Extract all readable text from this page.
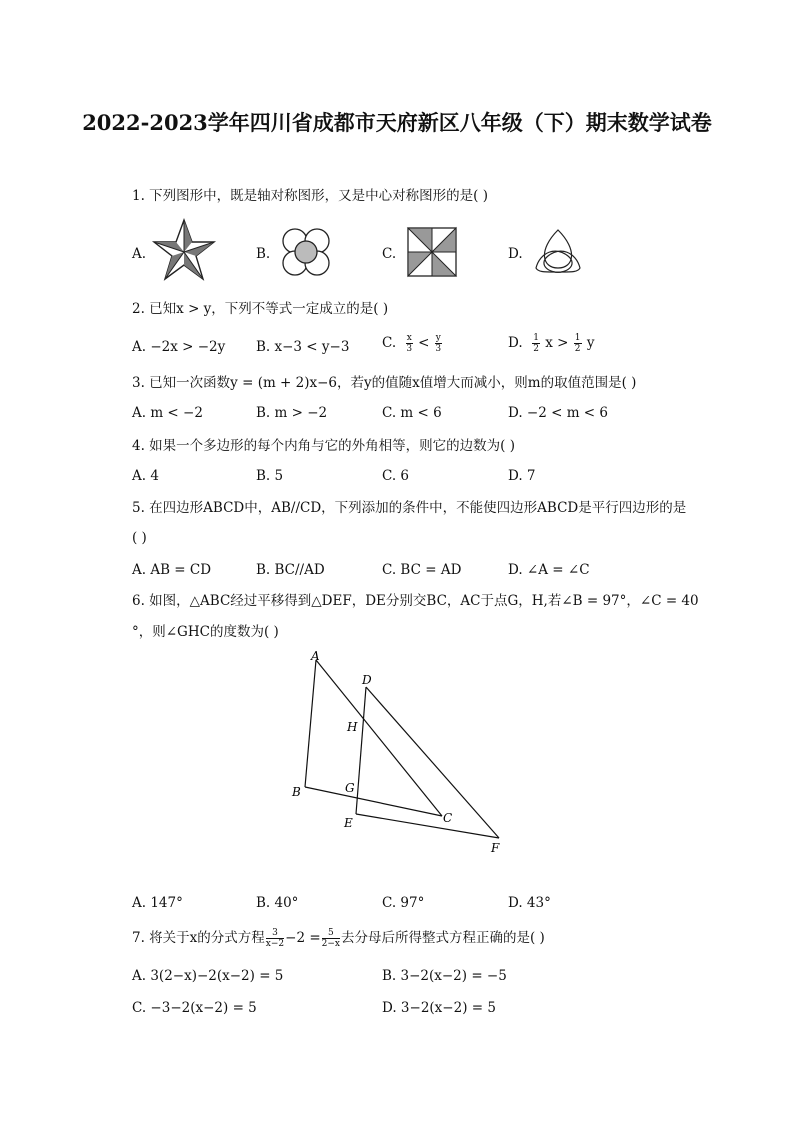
2022-2023学年四川省成都市天府新区八年级（下）期末数学试卷
1. 下列图形中，既是轴对称图形，又是中心对称图形的是( )
A.	B.	C.	D.
2. 已知x > y，下列不等式一定成立的是( )
A. −2x > −2y B. x−3 < y−3 C. $\frac{x}{3} < \frac{y}{3}$	D. $\frac{1}{2}$ $x > \frac{1}{2}$ y
3. 已知一次函数y = (m + 2)x−6，若y的值随x值增大而减小，则m的取值范围是( )
A. m < −2	B. m > −2	C. m < 6	D. −2 < m < 6
4. 如果一个多边形的每个内角与它的外角相等，则它的边数为( )
A. 4	B. 5	C. 6	D. 7
5. 在四边形ABCD中，AB//CD，下列添加的条件中，不能使四边形ABCD是平行四边形的是
( )
A. AB = CD	B. BC//AD	C. BC = AD	D. ∠A = ∠C
6. 如图，△ABC经过平移得到△DEF，DE分别交BC，AC于点G，H,若∠B = 97°，∠C = 40
°，则∠GHC的度数为( )
A
D
H
G
B
C
E
F
A. 147°	B. 40°	C. 97°	D. 43°
7. 将关于x的分式方程 $\frac{3}{x-2} -2 = \frac{5}{2-x}$ 去分母后所得整式方程正确的是( )
A. 3(2−x)−2(x−2) = 5	B. 3−2(x−2) = −5
C. −3−2(x−2) = 5	D. 3−2(x−2) = 5
